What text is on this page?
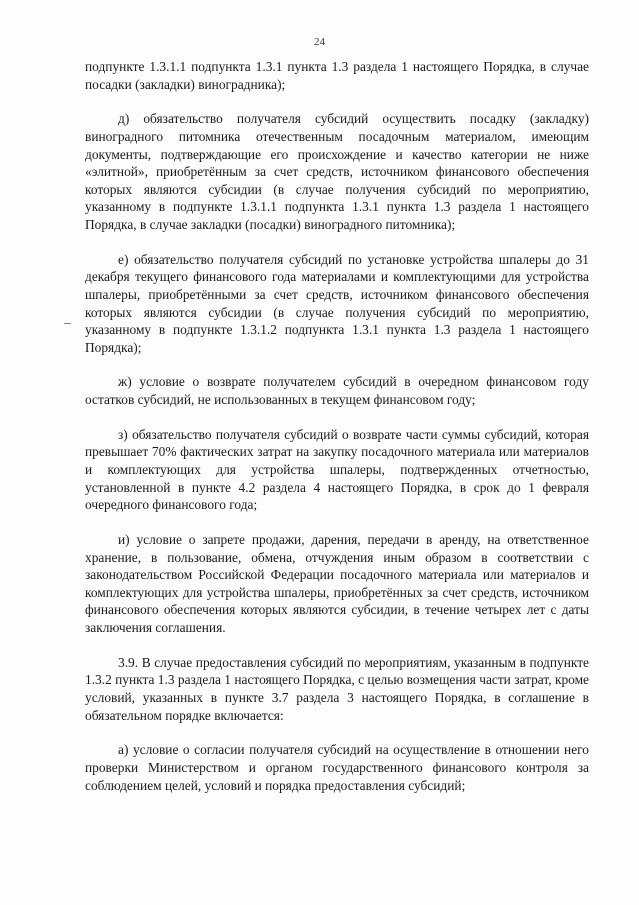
24

подпункте 1.3.1.1 подпункта 1.3.1 пункта 1.3 раздела 1 настоящего Порядка, в случае посадки (закладки) виноградника);

д) обязательство получателя субсидий осуществить посадку (закладку) виноградного питомника отечественным посадочным материалом, имеющим документы, подтверждающие его происхождение и качество категории не ниже «элитной», приобретённым за счет средств, источником финансового обеспечения которых являются субсидии (в случае получения субсидий по мероприятию, указанному в подпункте 1.3.1.1 подпункта 1.3.1 пункта 1.3 раздела 1 настоящего Порядка, в случае закладки (посадки) виноградного питомника);

е) обязательство получателя субсидий по установке устройства шпалеры до 31 декабря текущего финансового года материалами и комплектующими для устройства шпалеры, приобретёнными за счет средств, источником финансового обеспечения которых являются субсидии (в случае получения субсидий по мероприятию, указанному в подпункте 1.3.1.2 подпункта 1.3.1 пункта 1.3 раздела 1 настоящего Порядка);

ж) условие о возврате получателем субсидий в очередном финансовом году остатков субсидий, не использованных в текущем финансовом году;

з) обязательство получателя субсидий о возврате части суммы субсидий, которая превышает 70% фактических затрат на закупку посадочного материала или материалов и комплектующих для устройства шпалеры, подтвержденных отчетностью, установленной в пункте 4.2 раздела 4 настоящего Порядка, в срок до 1 февраля очередного финансового года;

и) условие о запрете продажи, дарения, передачи в аренду, на ответственное хранение, в пользование, обмена, отчуждения иным образом в соответствии с законодательством Российской Федерации посадочного материала или материалов и комплектующих для устройства шпалеры, приобретённых за счет средств, источником финансового обеспечения которых являются субсидии, в течение четырех лет с даты заключения соглашения.

3.9. В случае предоставления субсидий по мероприятиям, указанным в подпункте 1.3.2 пункта 1.3 раздела 1 настоящего Порядка, с целью возмещения части затрат, кроме условий, указанных в пункте 3.7 раздела 3 настоящего Порядка, в соглашение в обязательном порядке включается:

а) условие о согласии получателя субсидий на осуществление в отношении него проверки Министерством и органом государственного финансового контроля за соблюдением целей, условий и порядка предоставления субсидий;
